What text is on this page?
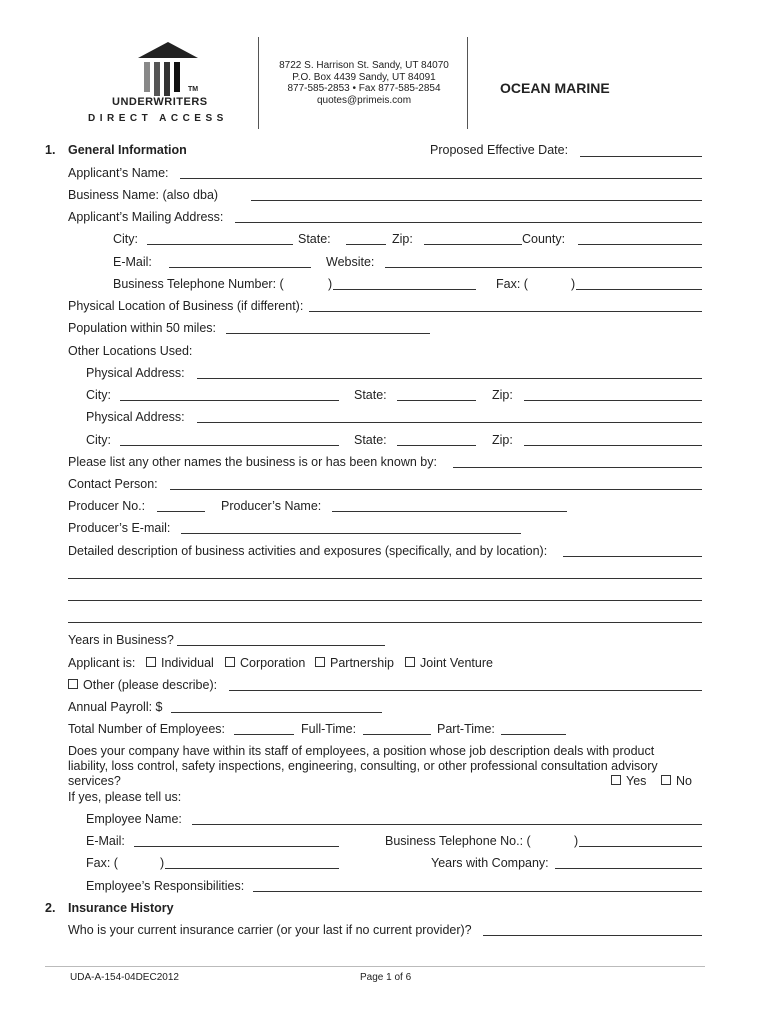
TM
UNDERWRITERS
DIRECT ACCESS
8722 S. Harrison St. Sandy, UT 84070
P.O. Box 4439 Sandy, UT 84091
877-585-2853 • Fax 877-585-2854
quotes@primeis.com
OCEAN MARINE
1. General Information	Proposed Effective Date:
Applicant’s Name:
Business Name: (also dba)
Applicant’s Mailing Address:
City:	State:	Zip:	County:
E-Mail:	Website:
Business Telephone Number: (	)	Fax: (	)
Physical Location of Business (if different):
Population within 50 miles:
Other Locations Used:
Physical Address:
City:	State:	Zip:
Physical Address:
City:	State:	Zip:
Please list any other names the business is or has been known by:
Contact Person:
Producer No.:	Producer’s Name:
Producer’s E-mail:
Detailed description of business activities and exposures (specifically, and by location):
Years in Business?
Applicant is:	Individual	Corporation	Partnership	Joint Venture
Other (please describe):
Annual Payroll: $
Total Number of Employees:	Full-Time:	Part-Time:
Does your company have within its staff of employees, a position whose job description deals with product
liability, loss control, safety inspections, engineering, consulting, or other professional consultation advisory
services?	Yes	No
If yes, please tell us:
Employee Name:
E-Mail:	Business Telephone No.: (	)
Fax: (	)	Years with Company:
Employee’s Responsibilities:
2. Insurance History
Who is your current insurance carrier (or your last if no current provider)?
UDA-A-154-04DEC2012	Page 1 of 6
